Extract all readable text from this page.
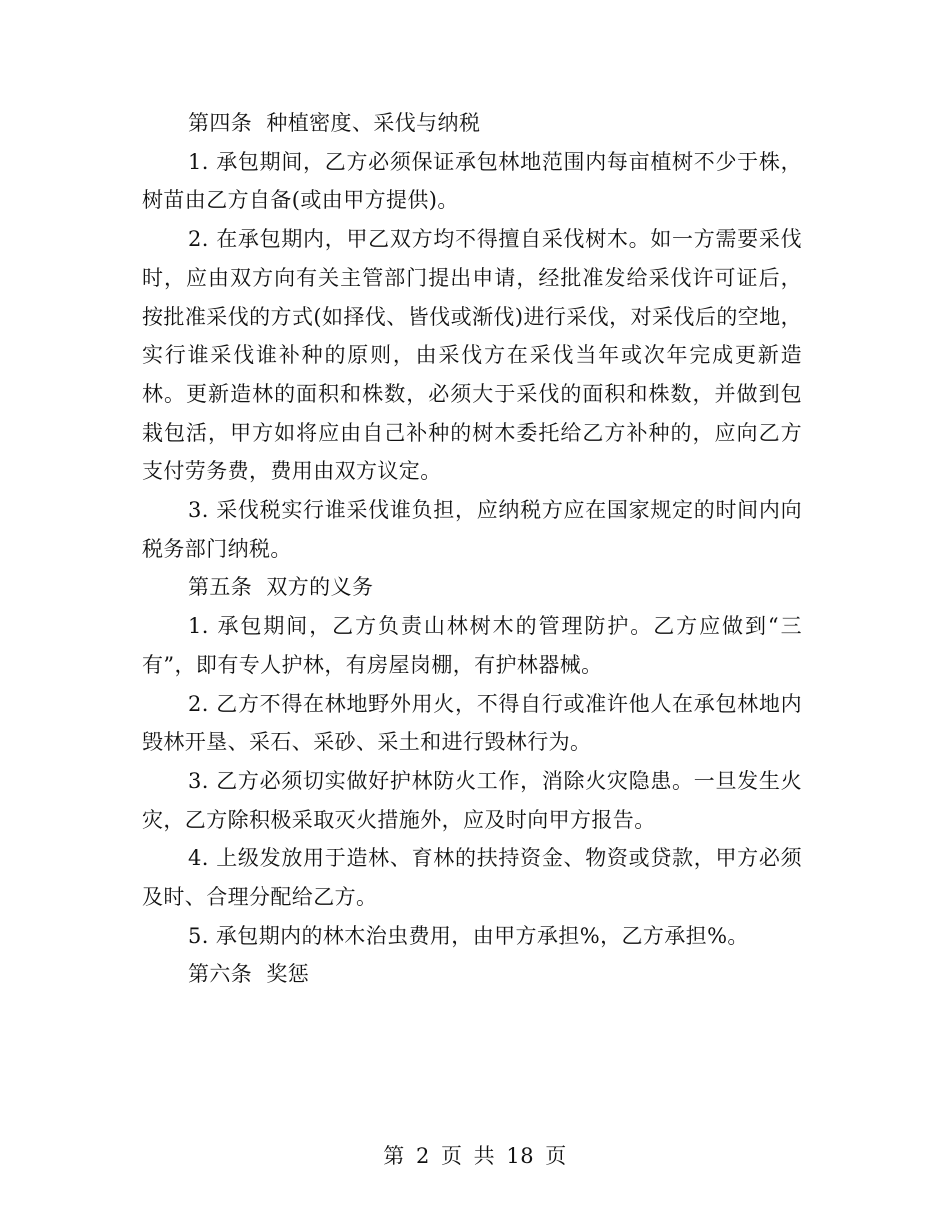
第四条  种植密度、采伐与纳税

1. 承包期间，乙方必须保证承包林地范围内每亩植树不少于株，树苗由乙方自备(或由甲方提供)。

2. 在承包期内，甲乙双方均不得擅自采伐树木。如一方需要采伐时，应由双方向有关主管部门提出申请，经批准发给采伐许可证后，按批准采伐的方式(如择伐、皆伐或渐伐)进行采伐，对采伐后的空地，实行谁采伐谁补种的原则，由采伐方在采伐当年或次年完成更新造林。更新造林的面积和株数，必须大于采伐的面积和株数，并做到包栽包活，甲方如将应由自己补种的树木委托给乙方补种的，应向乙方支付劳务费，费用由双方议定。

3. 采伐税实行谁采伐谁负担，应纳税方应在国家规定的时间内向税务部门纳税。

第五条  双方的义务

1. 承包期间，乙方负责山林树木的管理防护。乙方应做到“三有”，即有专人护林，有房屋岗棚，有护林器械。

2. 乙方不得在林地野外用火，不得自行或准许他人在承包林地内毁林开垦、采石、采砂、采土和进行毁林行为。

3. 乙方必须切实做好护林防火工作，消除火灾隐患。一旦发生火灾，乙方除积极采取灭火措施外，应及时向甲方报告。

4. 上级发放用于造林、育林的扶持资金、物资或贷款，甲方必须及时、合理分配给乙方。

5. 承包期内的林木治虫费用，由甲方承担%，乙方承担%。

第六条  奖惩

第 2 页 共 18 页
